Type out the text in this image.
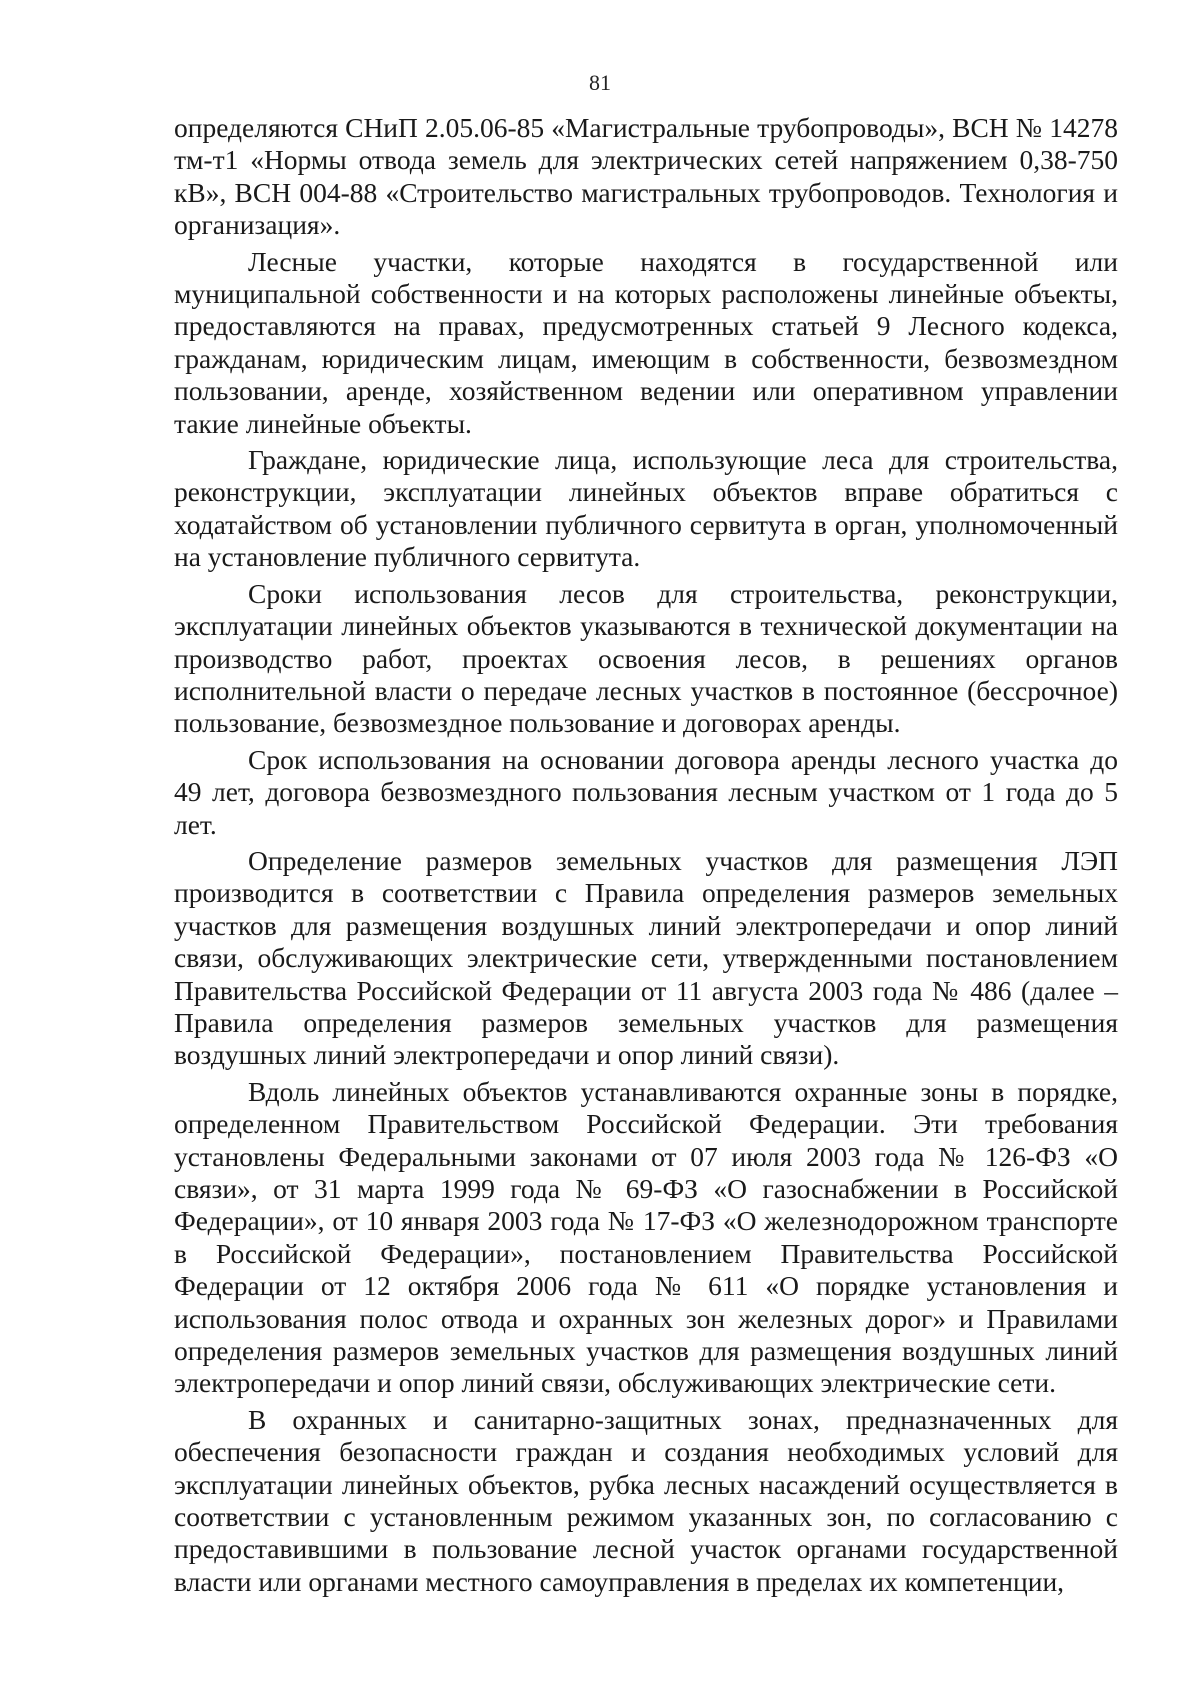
81

определяются СНиП 2.05.06-85 «Магистральные трубопроводы», ВСН № 14278 тм-т1 «Нормы отвода земель для электрических сетей напряжением 0,38-750 кВ», ВСН 004-88 «Строительство магистральных трубопроводов. Технология и организация».

Лесные участки, которые находятся в государственной или муниципальной собственности и на которых расположены линейные объекты, предоставляются на правах, предусмотренных статьей 9 Лесного кодекса, гражданам, юридическим лицам, имеющим в собственности, безвозмездном пользовании, аренде, хозяйственном ведении или оперативном управлении такие линейные объекты.

Граждане, юридические лица, использующие леса для строительства, реконструкции, эксплуатации линейных объектов вправе обратиться с ходатайством об установлении публичного сервитута в орган, уполномоченный на установление публичного сервитута.

Сроки использования лесов для строительства, реконструкции, эксплуатации линейных объектов указываются в технической документации на производство работ, проектах освоения лесов, в решениях органов исполнительной власти о передаче лесных участков в постоянное (бессрочное) пользование, безвозмездное пользование и договорах аренды.

Срок использования на основании договора аренды лесного участка до 49 лет, договора безвозмездного пользования лесным участком от 1 года до 5 лет.

Определение размеров земельных участков для размещения ЛЭП производится в соответствии с Правила определения размеров земельных участков для размещения воздушных линий электропередачи и опор линий связи, обслуживающих электрические сети, утвержденными постановлением Правительства Российской Федерации от 11 августа 2003 года № 486 (далее – Правила определения размеров земельных участков для размещения воздушных линий электропередачи и опор линий связи).

Вдоль линейных объектов устанавливаются охранные зоны в порядке, определенном Правительством Российской Федерации. Эти требования установлены Федеральными законами от 07 июля 2003 года № 126-ФЗ «О связи», от 31 марта 1999 года № 69-ФЗ «О газоснабжении в Российской Федерации», от 10 января 2003 года № 17-ФЗ «О железнодорожном транспорте в Российской Федерации», постановлением Правительства Российской Федерации от 12 октября 2006 года № 611 «О порядке установления и использования полос отвода и охранных зон железных дорог» и Правилами определения размеров земельных участков для размещения воздушных линий электропередачи и опор линий связи, обслуживающих электрические сети.

В охранных и санитарно-защитных зонах, предназначенных для обеспечения безопасности граждан и создания необходимых условий для эксплуатации линейных объектов, рубка лесных насаждений осуществляется в соответствии с установленным режимом указанных зон, по согласованию с предоставившими в пользование лесной участок органами государственной власти или органами местного самоуправления в пределах их компетенции,
